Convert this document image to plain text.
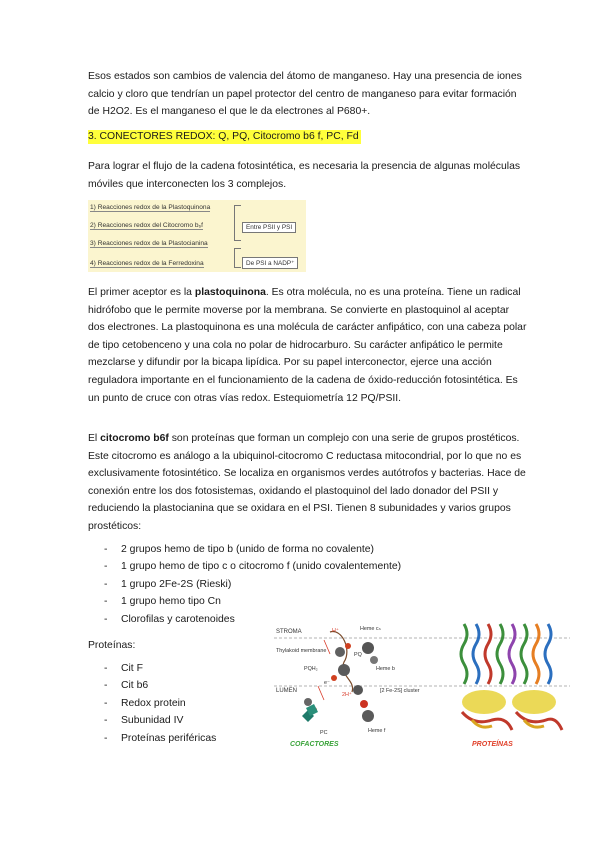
Esos estados son cambios de valencia del átomo de manganeso. Hay una presencia de iones calcio y cloro que tendrían un papel protector del centro de manganeso para evitar formación de H2O2. Es el manganeso el que le da electrones al P680+.

3. CONECTORES REDOX: Q, PQ, Citocromo b6 f, PC, Fd

Para lograr el flujo de la cadena fotosintética, es necesaria la presencia de algunas moléculas móviles que interconecten los 3 complejos.

1) Reacciones redox de la Plastoquinona
2) Reacciones redox del Citocromo b₆f
3) Reacciones redox de la Plastocianina
4) Reacciones redox de la Ferredoxina
Entre PSII y PSI
De PSI a NADP⁺

El primer aceptor es la plastoquinona. Es otra molécula, no es una proteína. Tiene un radical hidrófobo que le permite moverse por la membrana. Se convierte en plastoquinol al aceptar dos electrones. La plastoquinona es una molécula de carácter anfipático, con una cabeza polar de tipo cetobenceno y una cola no polar de hidrocarburo. Su carácter anfipático le permite mezclarse y difundir por la bicapa lipídica. Por su papel interconector, ejerce una acción reguladora importante en el funcionamiento de la cadena de óxido-reducción fotosintética. Es un punto de cruce con otras vías redox. Estequiometría 12 PQ/PSII.

El citocromo b6f son proteínas que forman un complejo con una serie de grupos prostéticos. Este citocromo es análogo a la ubiquinol-citocromo C reductasa mitocondrial, por lo que no es exclusivamente fotosintético. Se localiza en organismos verdes autótrofos y bacterias. Hace de conexión entre los dos fotosistemas, oxidando el plastoquinol del lado donador del PSII y reduciendo la plastocianina que se oxidara en el PSI. Tienen 8 subunidades y varios grupos prostéticos:

- 2 grupos hemo de tipo b (unido de forma no covalente)
- 1 grupo hemo de tipo c o citocromo f (unido covalentemente)
- 1 grupo 2Fe-2S (Rieski)
- 1 grupo hemo tipo Cn
- Clorofilas y carotenoides
Proteínas:
- Cit F
- Cit b6
- Redox protein
- Subunidad IV
- Proteínas periféricas
STROMA
Thylakoid membrane
LUMEN
Heme cₙ
Heme b
Heme f
[2 Fe-2S] cluster
PQ
PQH₂
PC
H⁺
2H⁺
e⁻
COFACTORES	PROTEÍNAS
